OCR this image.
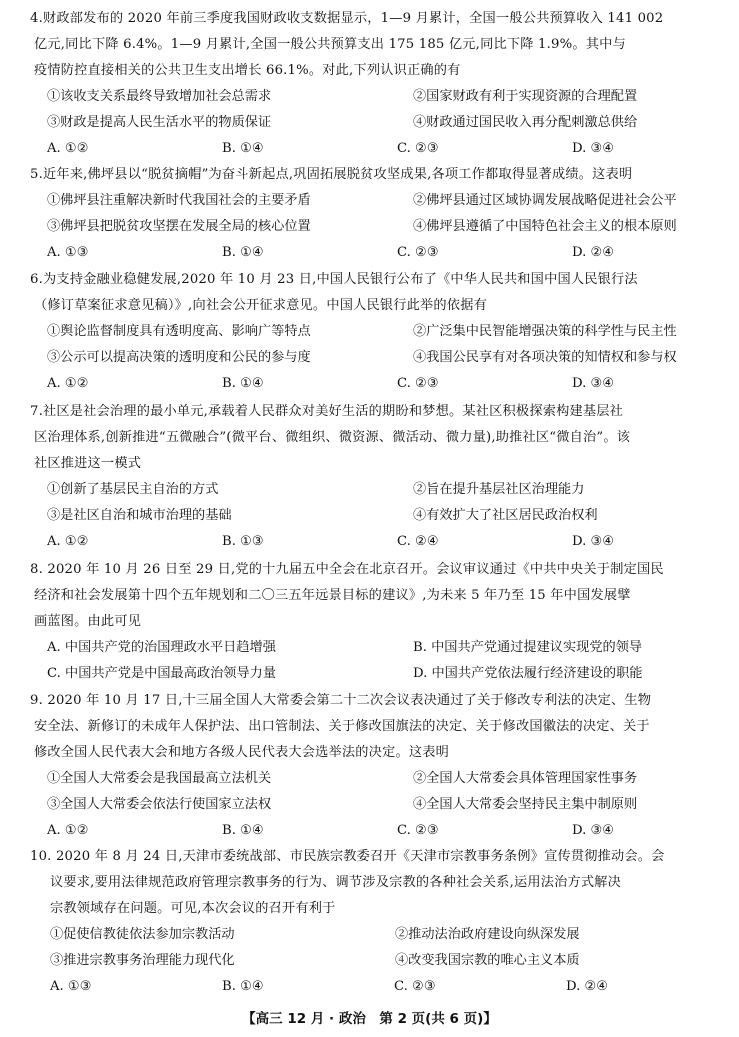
4.财政部发布的 2020 年前三季度我国财政收支数据显示，1—9 月累计，全国一般公共预算收入 141 002
亿元,同比下降 6.4%。1—9 月累计,全国一般公共预算支出 175 185 亿元,同比下降 1.9%。其中与
疫情防控直接相关的公共卫生支出增长 66.1%。对此,下列认识正确的有
①该收支关系最终导致增加社会总需求	②国家财政有利于实现资源的合理配置
③财政是提高人民生活水平的物质保证	④财政通过国民收入再分配刺激总供给
A. ①②	B. ①④	C. ②③	D. ③④
5.近年来,佛坪县以“脱贫摘帽”为奋斗新起点,巩固拓展脱贫攻坚成果,各项工作都取得显著成绩。这表明
①佛坪县注重解决新时代我国社会的主要矛盾	②佛坪县通过区域协调发展战略促进社会公平
③佛坪县把脱贫攻坚摆在发展全局的核心位置	④佛坪县遵循了中国特色社会主义的根本原则
A. ①③	B. ①④	C. ②③	D. ②④
6.为支持金融业稳健发展,2020 年 10 月 23 日,中国人民银行公布了《中华人民共和国中国人民银行法
（修订草案征求意见稿）》,向社会公开征求意见。中国人民银行此举的依据有
①舆论监督制度具有透明度高、影响广等特点	②广泛集中民智能增强决策的科学性与民主性
③公示可以提高决策的透明度和公民的参与度	④我国公民享有对各项决策的知情权和参与权
A. ①②	B. ①④	C. ②③	D. ③④
7.社区是社会治理的最小单元,承载着人民群众对美好生活的期盼和梦想。某社区积极探索构建基层社
区治理体系,创新推进“五微融合”(微平台、微组织、微资源、微活动、微力量),助推社区“微自治”。该
社区推进这一模式
①创新了基层民主自治的方式	②旨在提升基层社区治理能力
③是社区自治和城市治理的基础	④有效扩大了社区居民政治权利
A. ①②	B. ①③	C. ②④	D. ③④
8. 2020 年 10 月 26 日至 29 日,党的十九届五中全会在北京召开。会议审议通过《中共中央关于制定国民
经济和社会发展第十四个五年规划和二〇三五年远景目标的建议》,为未来 5 年乃至 15 年中国发展擘
画蓝图。由此可见
A. 中国共产党的治国理政水平日趋增强	B. 中国共产党通过提建议实现党的领导
C. 中国共产党是中国最高政治领导力量	D. 中国共产党依法履行经济建设的职能
9. 2020 年 10 月 17 日,十三届全国人大常委会第二十二次会议表决通过了关于修改专利法的决定、生物
安全法、新修订的未成年人保护法、出口管制法、关于修改国旗法的决定、关于修改国徽法的决定、关于
修改全国人民代表大会和地方各级人民代表大会选举法的决定。这表明
①全国人大常委会是我国最高立法机关	②全国人大常委会具体管理国家性事务
③全国人大常委会依法行使国家立法权	④全国人大常委会坚持民主集中制原则
A. ①②	B. ①④	C. ②③	D. ③④
10. 2020 年 8 月 24 日,天津市委统战部、市民族宗教委召开《天津市宗教事务条例》宣传贯彻推动会。会
议要求,要用法律规范政府管理宗教事务的行为、调节涉及宗教的各种社会关系,运用法治方式解决
宗教领域存在问题。可见,本次会议的召开有利于
①促使信教徒依法参加宗教活动	②推动法治政府建设向纵深发展
③推进宗教事务治理能力现代化	④改变我国宗教的唯心主义本质
A. ①③	B. ①④	C. ②③	D. ②④
【高三 12 月 · 政治　第 2 页(共 6 页)】
